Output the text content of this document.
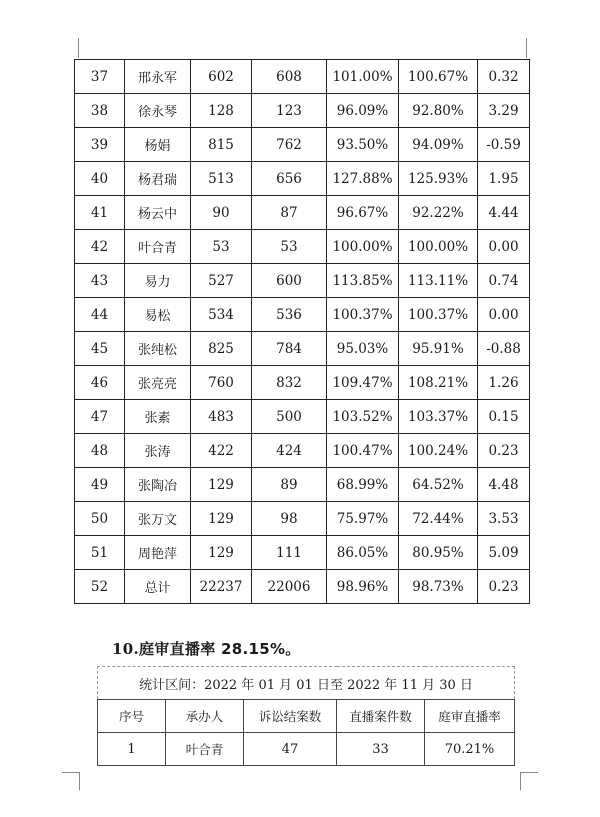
37	邢永军	602	608	101.00%	100.67%	0.32
38	徐永琴	128	123	96.09%	92.80%	3.29
39	杨娟	815	762	93.50%	94.09%	-0.59
40	杨君瑞	513	656	127.88%	125.93%	1.95
41	杨云中	90	87	96.67%	92.22%	4.44
42	叶合青	53	53	100.00%	100.00%	0.00
43	易力	527	600	113.85%	113.11%	0.74
44	易松	534	536	100.37%	100.37%	0.00
45	张纯松	825	784	95.03%	95.91%	-0.88
46	张亮亮	760	832	109.47%	108.21%	1.26
47	张素	483	500	103.52%	103.37%	0.15
48	张涛	422	424	100.47%	100.24%	0.23
49	张陶冶	129	89	68.99%	64.52%	4.48
50	张万文	129	98	75.97%	72.44%	3.53
51	周艳萍	129	111	86.05%	80.95%	5.09
52	总计	22237	22006	98.96%	98.73%	0.23
10.庭审直播率 28.15%。
统计区间：2022 年 01 月 01 日至 2022 年 11 月 30 日				
序号	承办人	诉讼结案数	直播案件数	庭审直播率
1	叶合青	47	33	70.21%
